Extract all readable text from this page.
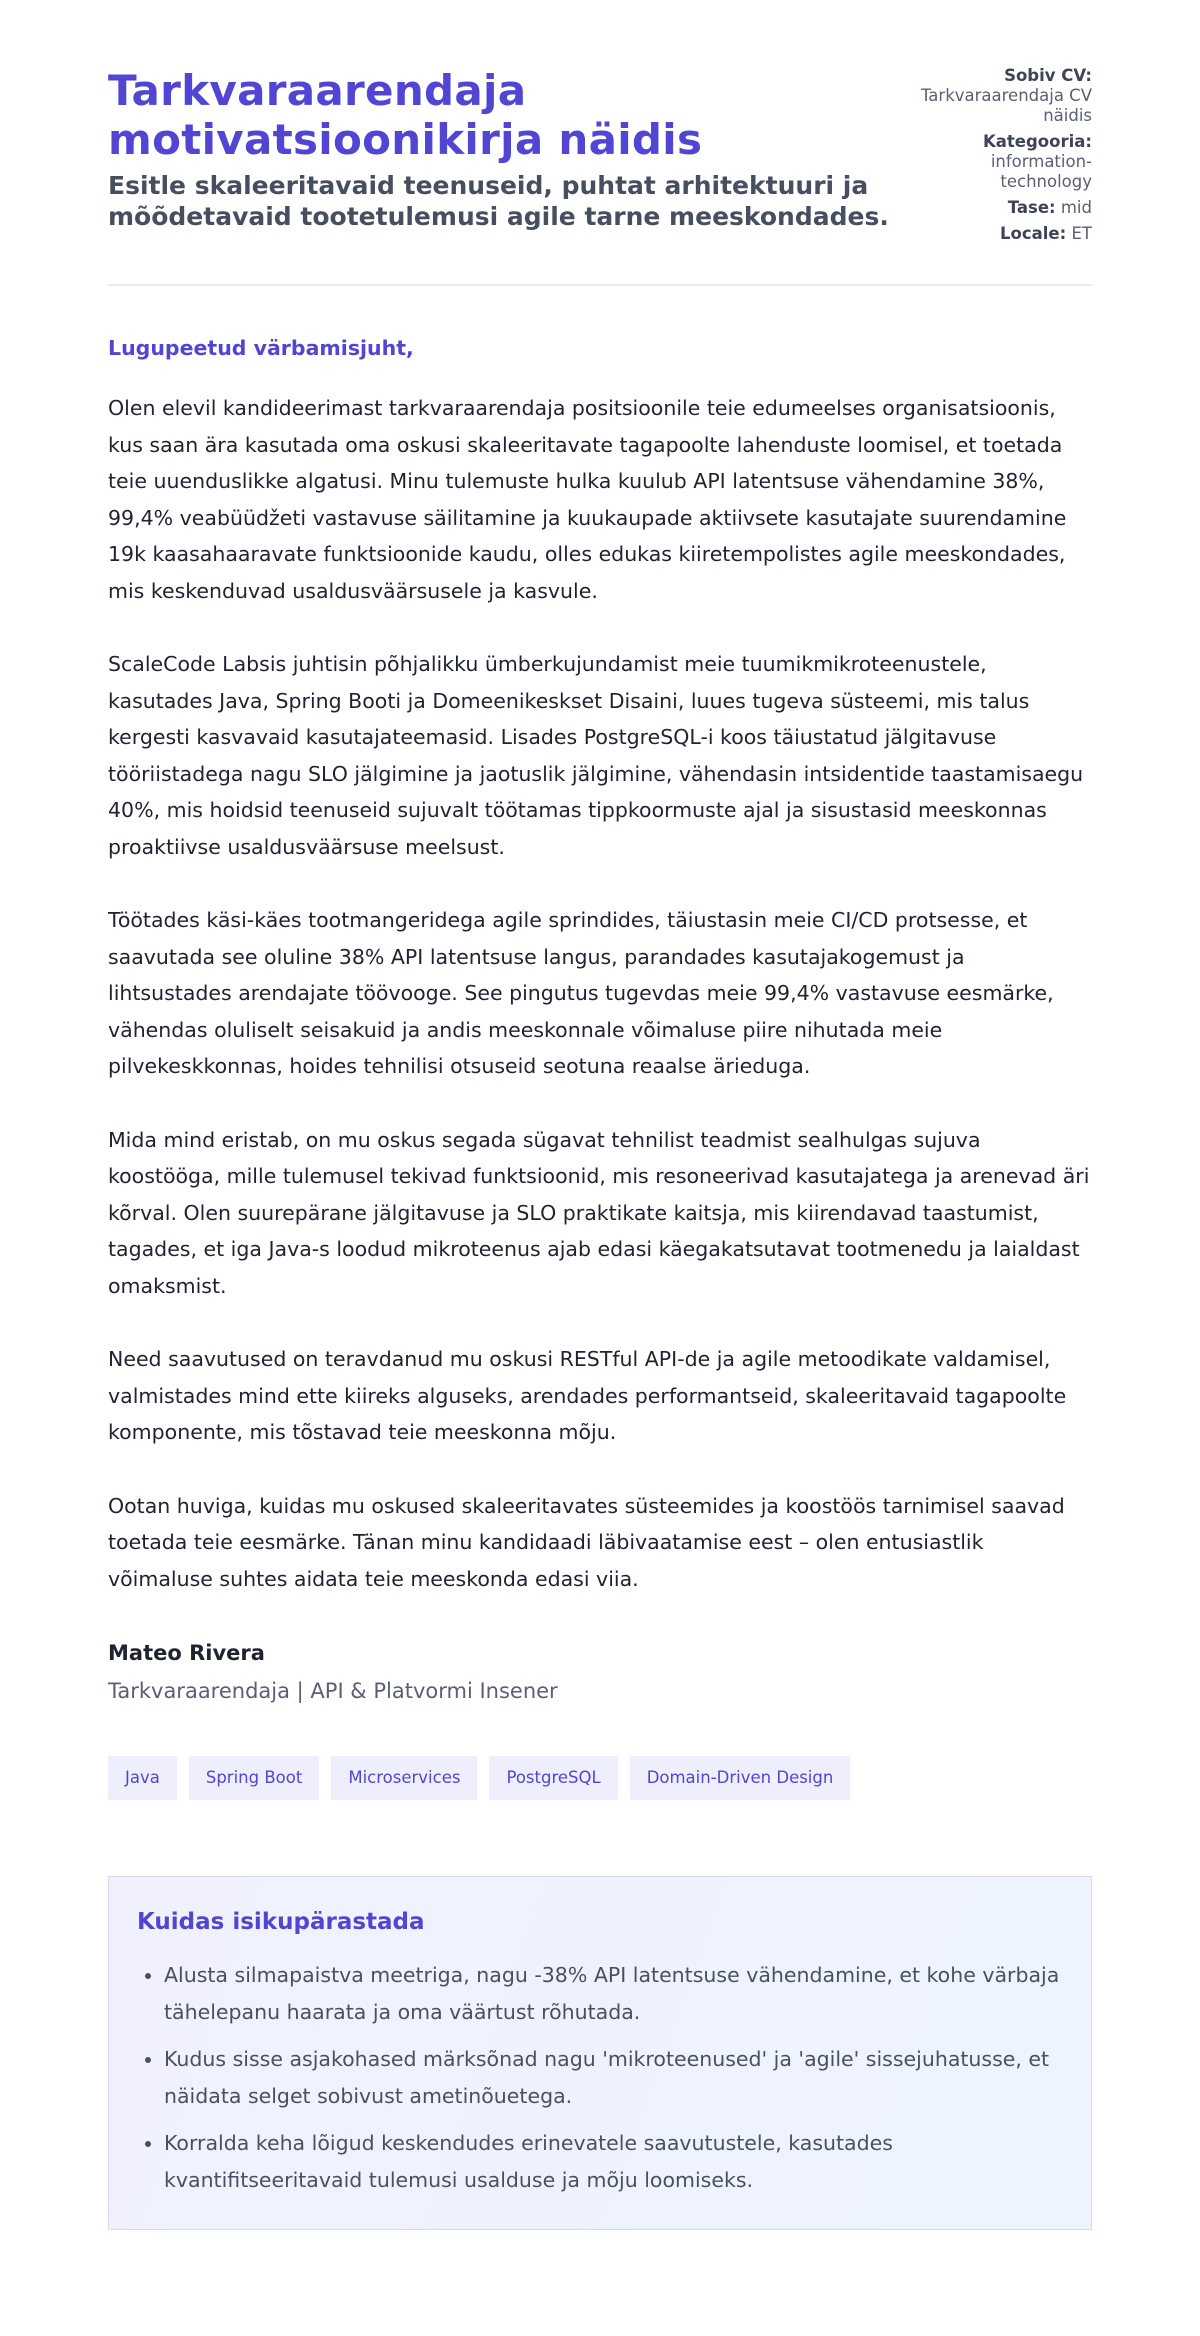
Tarkvaraarendaja motivatsioonikirja näidis
Esitle skaleeritavaid teenuseid, puhtat arhitektuuri ja mõõdetavaid tootetulemusi agile tarne meeskondades.
Sobiv CV: Tarkvaraarendaja CV näidis
Kategooria: information-technology
Tase: mid
Locale: ET

Lugupeetud värbamisjuht,

Olen elevil kandideerimast tarkvaraarendaja positsioonile teie edumeelses organisatsioonis, kus saan ära kasutada oma oskusi skaleeritavate tagapoolte lahenduste loomisel, et toetada teie uuenduslikke algatusi. Minu tulemuste hulka kuulub API latentsuse vähendamine 38%, 99,4% veabüüdžeti vastavuse säilitamine ja kuukaupade aktiivsete kasutajate suurendamine 19k kaasahaaravate funktsioonide kaudu, olles edukas kiiretempolistes agile meeskondades, mis keskenduvad usaldusväärsusele ja kasvule.

ScaleCode Labsis juhtisin põhjalikku ümberkujundamist meie tuumikmikroteenustele, kasutades Java, Spring Booti ja Domeenikeskset Disaini, luues tugeva süsteemi, mis talus kergesti kasvavaid kasutajateemasid. Lisades PostgreSQL-i koos täiustatud jälgitavuse tööriistadega nagu SLO jälgimine ja jaotuslik jälgimine, vähendasin intsidentide taastamisaegu 40%, mis hoidsid teenuseid sujuvalt töötamas tippkoormuste ajal ja sisustasid meeskonnas proaktiivse usaldusväärsuse meelsust.

Töötades käsi-käes tootmangeridega agile sprindides, täiustasin meie CI/CD protsesse, et saavutada see oluline 38% API latentsuse langus, parandades kasutajakogemust ja lihtsustades arendajate töövooge. See pingutus tugevdas meie 99,4% vastavuse eesmärke, vähendas oluliselt seisakuid ja andis meeskonnale võimaluse piire nihutada meie pilvekeskkonnas, hoides tehnilisi otsuseid seotuna reaalse ärieduga.

Mida mind eristab, on mu oskus segada sügavat tehnilist teadmist sealhulgas sujuva koostööga, mille tulemusel tekivad funktsioonid, mis resoneerivad kasutajatega ja arenevad äri kõrval. Olen suurepärane jälgitavuse ja SLO praktikate kaitsja, mis kiirendavad taastumist, tagades, et iga Java-s loodud mikroteenus ajab edasi käegakatsutavat tootmenedu ja laialdast omaksmist.

Need saavutused on teravdanud mu oskusi RESTful API-de ja agile metoodikate valdamisel, valmistades mind ette kiireks alguseks, arendades performantseid, skaleeritavaid tagapoolte komponente, mis tõstavad teie meeskonna mõju.

Ootan huviga, kuidas mu oskused skaleeritavates süsteemides ja koostöös tarnimisel saavad toetada teie eesmärke. Tänan minu kandidaadi läbivaatamise eest – olen entusiastlik võimaluse suhtes aidata teie meeskonda edasi viia.

Mateo Rivera
Tarkvaraarendaja | API & Platvormi Insener
Java	Spring Boot	Microservices	PostgreSQL	Domain-Driven Design
Kuidas isikupärastada
• Alusta silmapaistva meetriga, nagu -38% API latentsuse vähendamine, et kohe värbaja tähelepanu haarata ja oma väärtust rõhutada.
• Kudus sisse asjakohased märksõnad nagu 'mikroteenused' ja 'agile' sissejuhatusse, et näidata selget sobivust ametinõuetega.
• Korralda keha lõigud keskendudes erinevatele saavutustele, kasutades kvantifitseeritavaid tulemusi usalduse ja mõju loomiseks.
